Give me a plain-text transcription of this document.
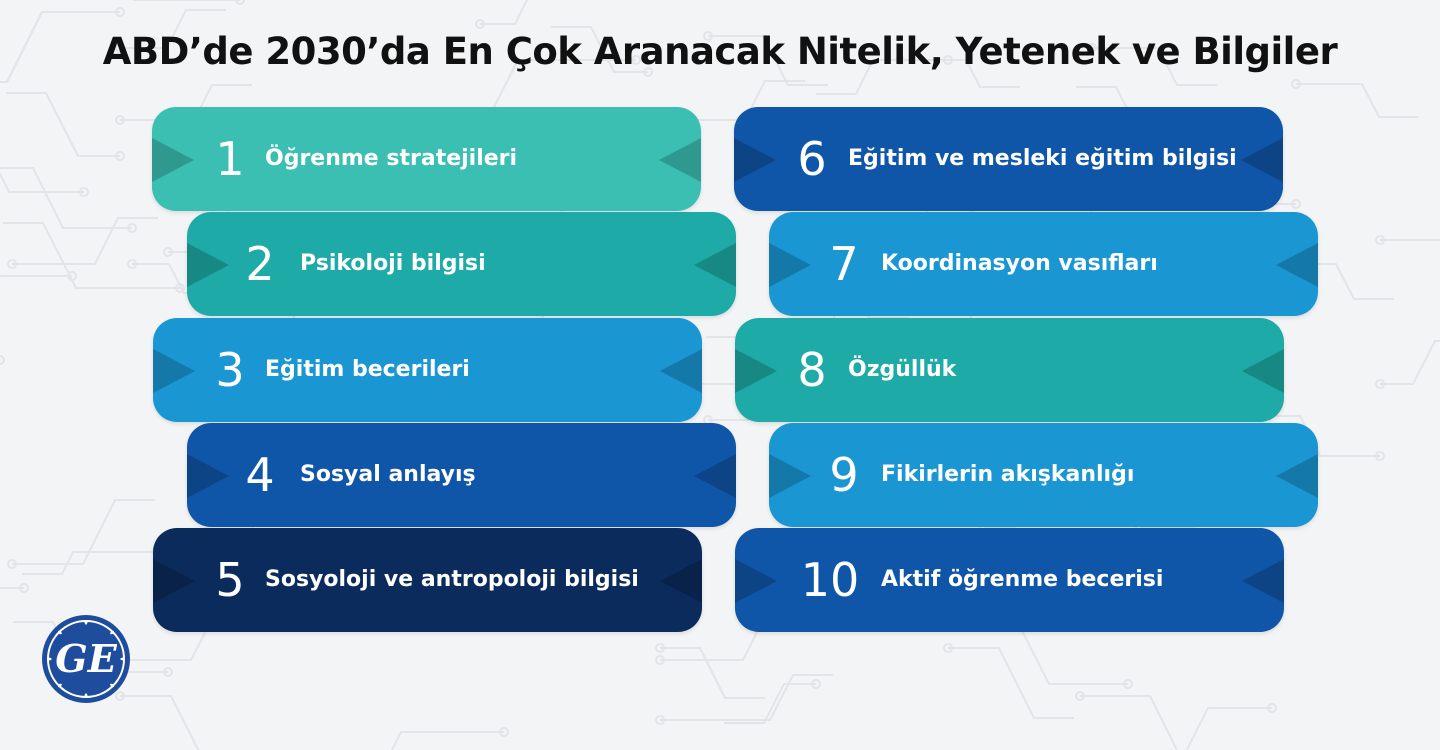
ABD’de 2030’da En Çok Aranacak Nitelik, Yetenek ve Bilgiler
1 Öğrenme stratejileri
2	Psikoloji bilgisi
3 Eğitim becerileri
4	Sosyal anlayış
5 Sosyoloji ve antropoloji bilgisi
6 Eğitim ve mesleki eğitim bilgisi
7	Koordinasyon vasıfları
8 Özgüllük
9	Fikirlerin akışkanlığı
10 Aktif öğrenme becerisi
GE
